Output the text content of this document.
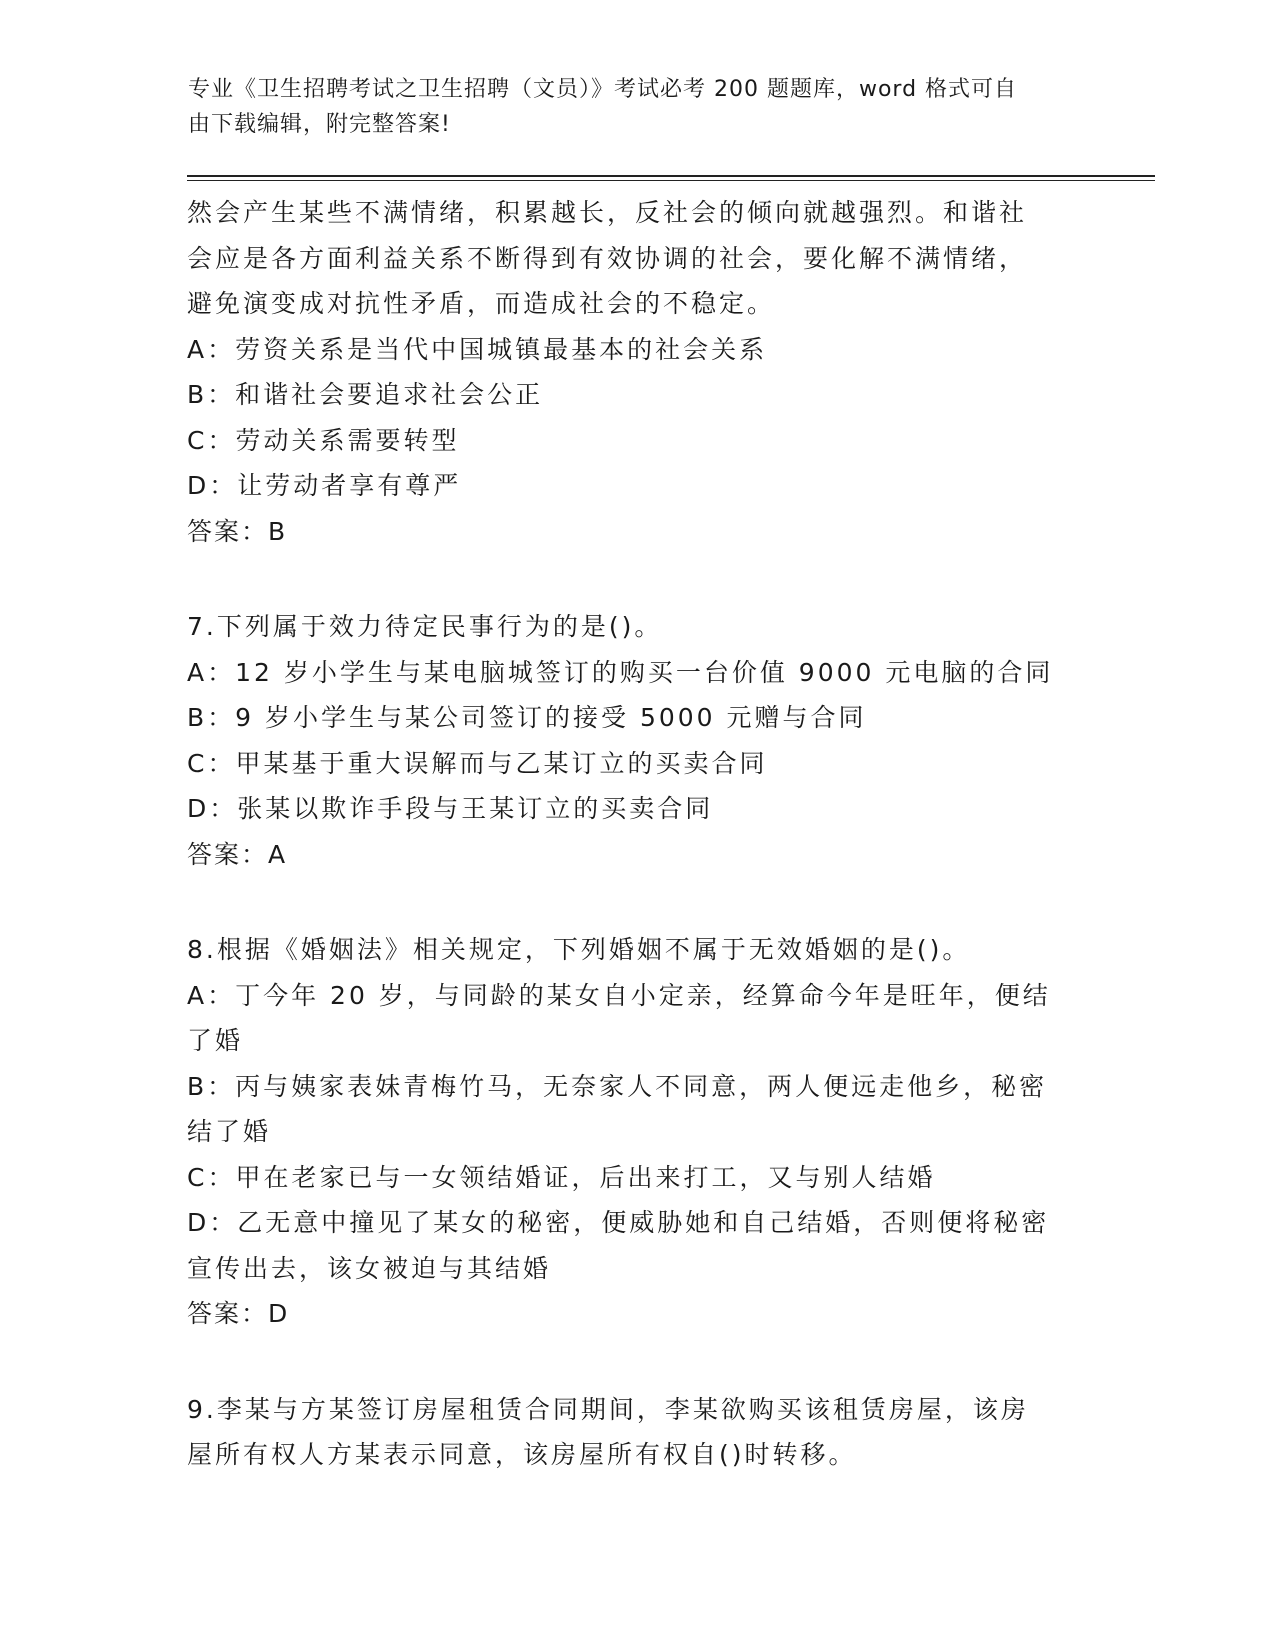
专业《卫生招聘考试之卫生招聘（文员）》考试必考 200 题题库，word 格式可自
由下载编辑，附完整答案!
然会产生某些不满情绪，积累越长，反社会的倾向就越强烈。和谐社
会应是各方面利益关系不断得到有效协调的社会，要化解不满情绪，
避免演变成对抗性矛盾，而造成社会的不稳定。
A：劳资关系是当代中国城镇最基本的社会关系
B：和谐社会要追求社会公正
C：劳动关系需要转型
D：让劳动者享有尊严
答案：B
7.下列属于效力待定民事行为的是()。
A：12 岁小学生与某电脑城签订的购买一台价值 9000 元电脑的合同
B：9 岁小学生与某公司签订的接受 5000 元赠与合同
C：甲某基于重大误解而与乙某订立的买卖合同
D：张某以欺诈手段与王某订立的买卖合同
答案：A
8.根据《婚姻法》相关规定，下列婚姻不属于无效婚姻的是()。
A：丁今年 20 岁，与同龄的某女自小定亲，经算命今年是旺年，便结
了婚
B：丙与姨家表妹青梅竹马，无奈家人不同意，两人便远走他乡，秘密
结了婚
C：甲在老家已与一女领结婚证，后出来打工，又与别人结婚
D：乙无意中撞见了某女的秘密，便威胁她和自己结婚，否则便将秘密
宣传出去，该女被迫与其结婚
答案：D
9.李某与方某签订房屋租赁合同期间，李某欲购买该租赁房屋，该房
屋所有权人方某表示同意，该房屋所有权自()时转移。
